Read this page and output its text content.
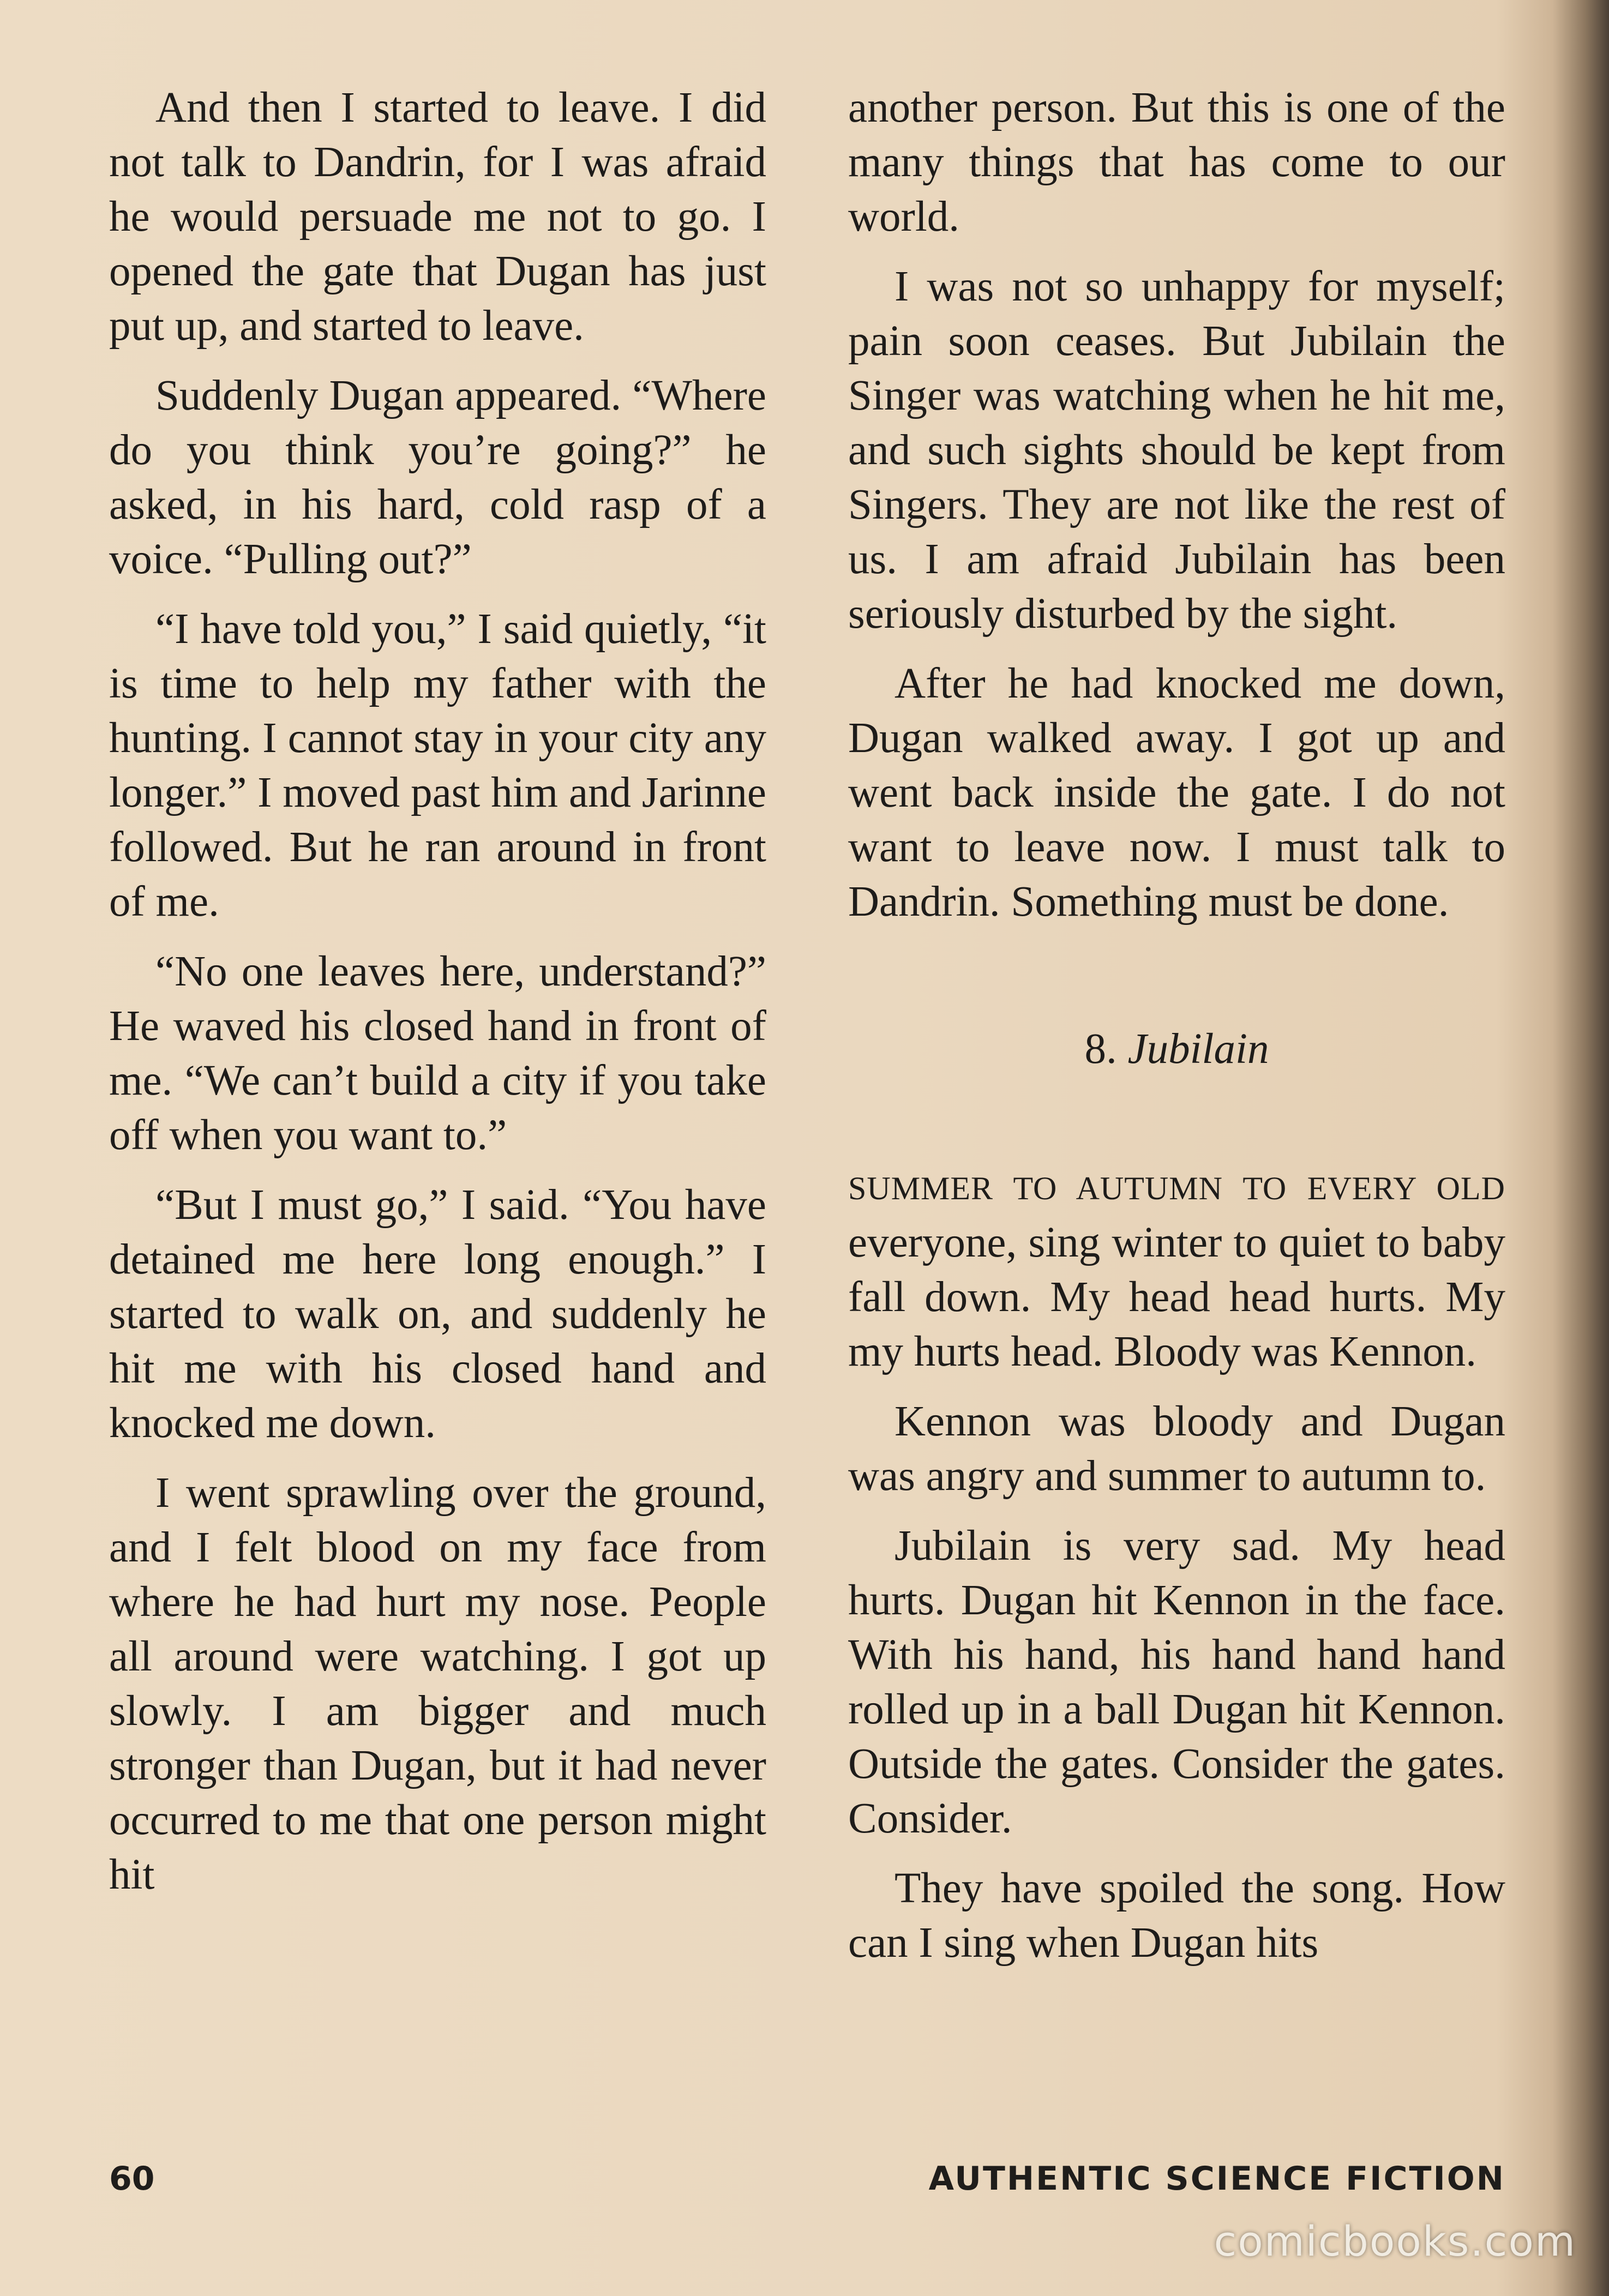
And then I started to leave. I did not talk to Dandrin, for I was afraid he would persuade me not to go. I opened the gate that Dugan has just put up, and started to leave.

Suddenly Dugan appeared. “Where do you think you’re going?” he asked, in his hard, cold rasp of a voice. “Pulling out?”

“I have told you,” I said quietly, “it is time to help my father with the hunting. I cannot stay in your city any longer.” I moved past him and Jarinne followed. But he ran around in front of me.

“No one leaves here, understand?” He waved his closed hand in front of me. “We can’t build a city if you take off when you want to.”

“But I must go,” I said. “You have detained me here long enough.” I started to walk on, and suddenly he hit me with his closed hand and knocked me down.

I went sprawling over the ground, and I felt blood on my face from where he had hurt my nose. People all around were watching. I got up slowly. I am bigger and much stronger than Dugan, but it had never occurred to me that one person might hit

another person. But this is one of the many things that has come to our world.

I was not so unhappy for myself; pain soon ceases. But Jubilain the Singer was watching when he hit me, and such sights should be kept from Singers. They are not like the rest of us. I am afraid Jubilain has been seriously disturbed by the sight.

After he had knocked me down, Dugan walked away. I got up and went back inside the gate. I do not want to leave now. I must talk to Dandrin. Something must be done.

8. Jubilain

SUMMER TO AUTUMN TO EVERY OLD everyone, sing winter to quiet to baby fall down. My head head hurts. My my hurts head. Bloody was Kennon.

Kennon was bloody and Dugan was angry and summer to autumn to.

Jubilain is very sad. My head hurts. Dugan hit Kennon in the face. With his hand, his hand hand hand rolled up in a ball Dugan hit Kennon. Outside the gates. Consider the gates. Consider.

They have spoiled the song. How can I sing when Dugan hits

60	AUTHENTIC SCIENCE FICTION
comicbooks.com
